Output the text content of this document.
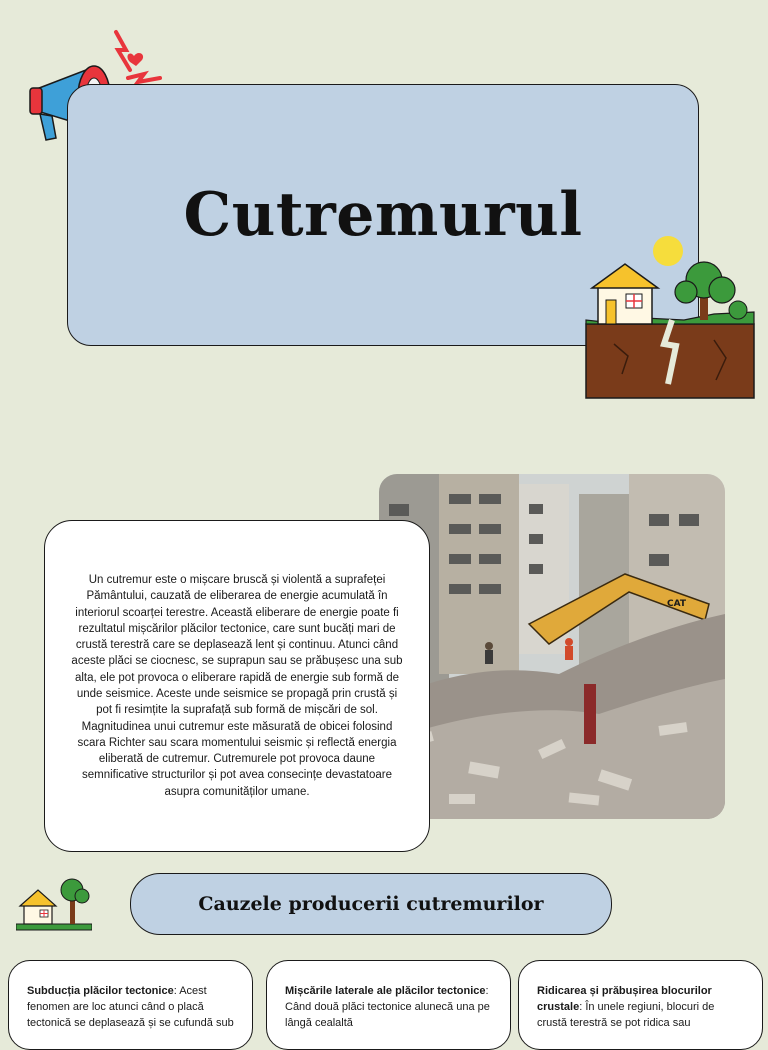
Cutremurul
CAT
Un cutremur este o mișcare bruscă și violentă a suprafeței Pământului, cauzată de eliberarea de energie acumulată în interiorul scoarței terestre. Această eliberare de energie poate fi rezultatul mișcărilor plăcilor tectonice, care sunt bucăți mari de crustă terestră care se deplasează lent și continuu. Atunci când aceste plăci se ciocnesc, se suprapun sau se prăbușesc una sub alta, ele pot provoca o eliberare rapidă de energie sub formă de unde seismice. Aceste unde seismice se propagă prin crustă și pot fi resimțite la suprafață sub formă de mișcări de sol. Magnitudinea unui cutremur este măsurată de obicei folosind scara Richter sau scara momentului seismic și reflectă energia eliberată de cutremur. Cutremurele pot provoca daune semnificative structurilor și pot avea consecințe devastatoare asupra comunităților umane.
Cauzele producerii cutremurilor
Subducția plăcilor tectonice: Acest fenomen are loc atunci când o placă tectonică se deplasează și se cufundă sub
Mișcările laterale ale plăcilor tectonice: Când două plăci tectonice alunecă una pe lângă cealaltă
Ridicarea și prăbușirea blocurilor crustale: În unele regiuni, blocuri de crustă terestră se pot ridica sau
